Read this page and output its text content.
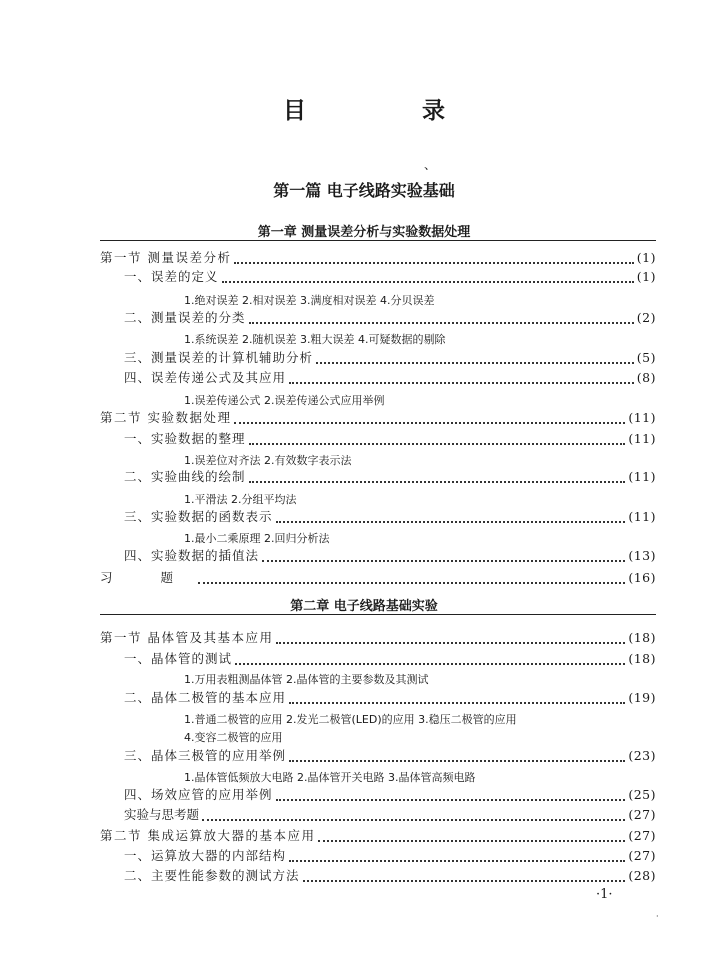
目 录
、
第一篇 电子线路实验基础
第一章 测量误差分析与实验数据处理
第二章 电子线路基础实验
第一节 测量误差分析	(1)
一、误差的定义	(1)
1.绝对误差 2.相对误差 3.满度相对误差 4.分贝误差
二、测量误差的分类	(2)
1.系统误差 2.随机误差 3.粗大误差 4.可疑数据的剔除
三、测量误差的计算机辅助分析	(5)
四、误差传递公式及其应用	(8)
1.误差传递公式 2.误差传递公式应用举例
第二节 实验数据处理	(11)
一、实验数据的整理	(11)
1.误差位对齐法 2.有效数字表示法
二、实验曲线的绘制	(11)
1.平滑法 2.分组平均法
三、实验数据的函数表示	(11)
1.最小二乘原理 2.回归分析法
四、实验数据的插值法	(13)
习 题	(16)
第一节 晶体管及其基本应用	(18)
一、晶体管的测试	(18)
1.万用表粗测晶体管 2.晶体管的主要参数及其测试
二、晶体二极管的基本应用	(19)
1.普通二极管的应用 2.发光二极管(LED)的应用 3.稳压二极管的应用
4.变容二极管的应用
三、晶体三极管的应用举例	(23)
1.晶体管低频放大电路 2.晶体管开关电路 3.晶体管高频电路
四、场效应管的应用举例	(25)
实验与思考题	(27)
第二节 集成运算放大器的基本应用	(27)
一、运算放大器的内部结构	(27)
二、主要性能参数的测试方法	(28)
·1·
·
